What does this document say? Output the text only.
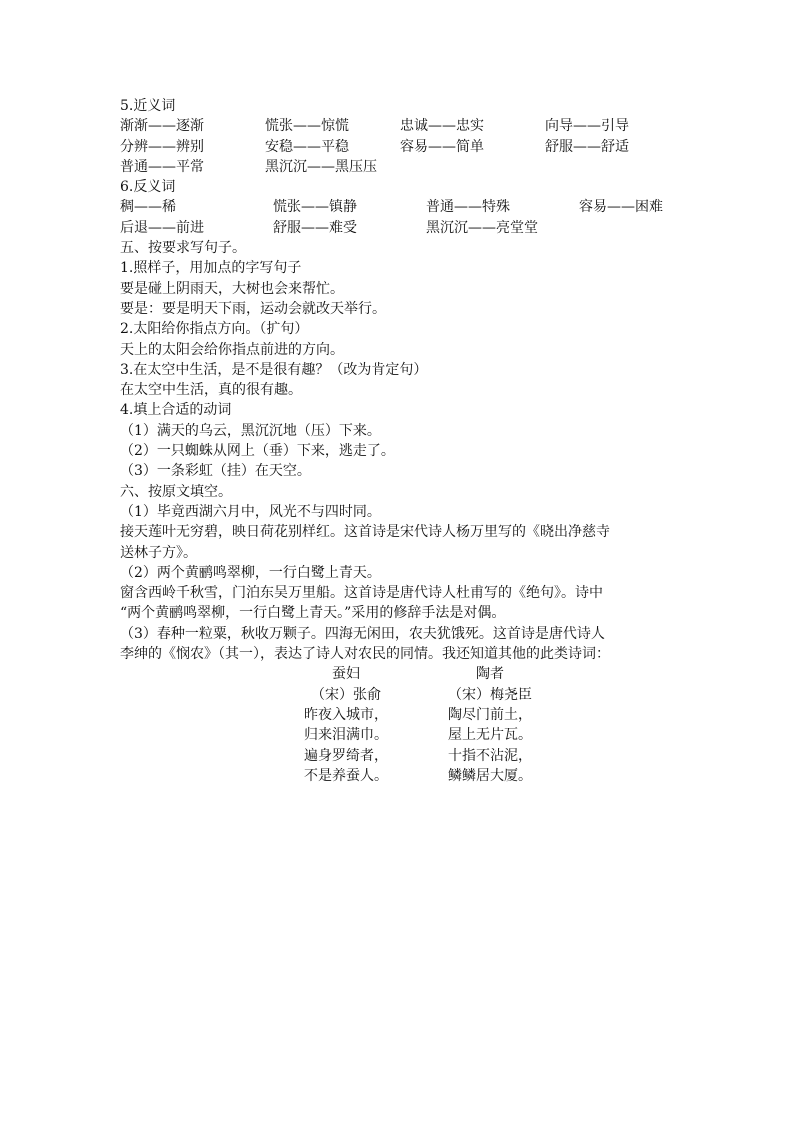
5.近义词
渐渐——逐渐	慌张——惊慌	忠诚——忠实	向导——引导
分辨——辨别	安稳——平稳	容易——简单	舒服——舒适
普通——平常	黑沉沉——黑压压
6.反义词
稠——稀	慌张——镇静	普通——特殊	容易——困难
后退——前进	舒服——难受	黑沉沉——亮堂堂
五、按要求写句子。
1.照样子，用加点的字写句子
要是碰上阴雨天，大树也会来帮忙。
要是：要是明天下雨，运动会就改天举行。
2.太阳给你指点方向。（扩句）
天上的太阳会给你指点前进的方向。
3.在太空中生活，是不是很有趣？（改为肯定句）
在太空中生活，真的很有趣。
4.填上合适的动词
（1）满天的乌云，黑沉沉地（压）下来。
（2）一只蜘蛛从网上（垂）下来，逃走了。
（3）一条彩虹（挂）在天空。
六、按原文填空。
（1）毕竟西湖六月中，风光不与四时同。
接天莲叶无穷碧，映日荷花别样红。这首诗是宋代诗人杨万里写的《晓出净慈寺
送林子方》。
（2）两个黄鹂鸣翠柳，一行白鹭上青天。
窗含西岭千秋雪，门泊东吴万里船。这首诗是唐代诗人杜甫写的《绝句》。诗中
“两个黄鹂鸣翠柳，一行白鹭上青天。”采用的修辞手法是对偶。
（3）春种一粒粟，秋收万颗子。四海无闲田，农夫犹饿死。这首诗是唐代诗人
李绅的《悯农》（其一），表达了诗人对农民的同情。我还知道其他的此类诗词：
蚕妇	陶者
（宋）张俞	（宋）梅尧臣
昨夜入城市，	陶尽门前土，
归来泪满巾。	屋上无片瓦。
遍身罗绮者，	十指不沾泥，
不是养蚕人。	鳞鳞居大厦。
